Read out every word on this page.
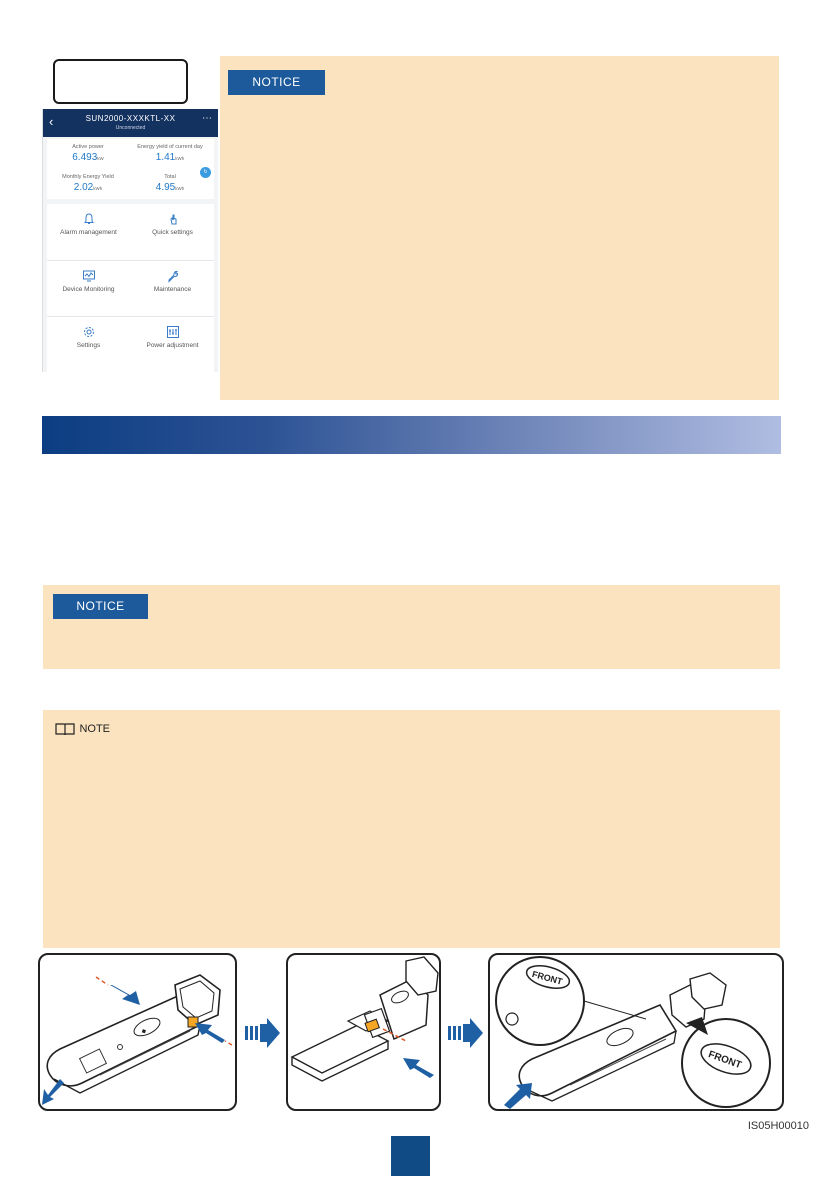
‹	SUN2000-XXXKTL-XX
Unconnected
⋯
Active power
6.493kW
Energy yield of current day
1.41kWh
Monthly Energy Yield
2.02kWh
Total
4.95kWh
↻
Alarm management	Quick settings
Device Monitoring	Maintenance
Settings	Power adjustment
NOTICE
NOTICE
NOTE
◆
FRONT
FRONT
IS05H00010
